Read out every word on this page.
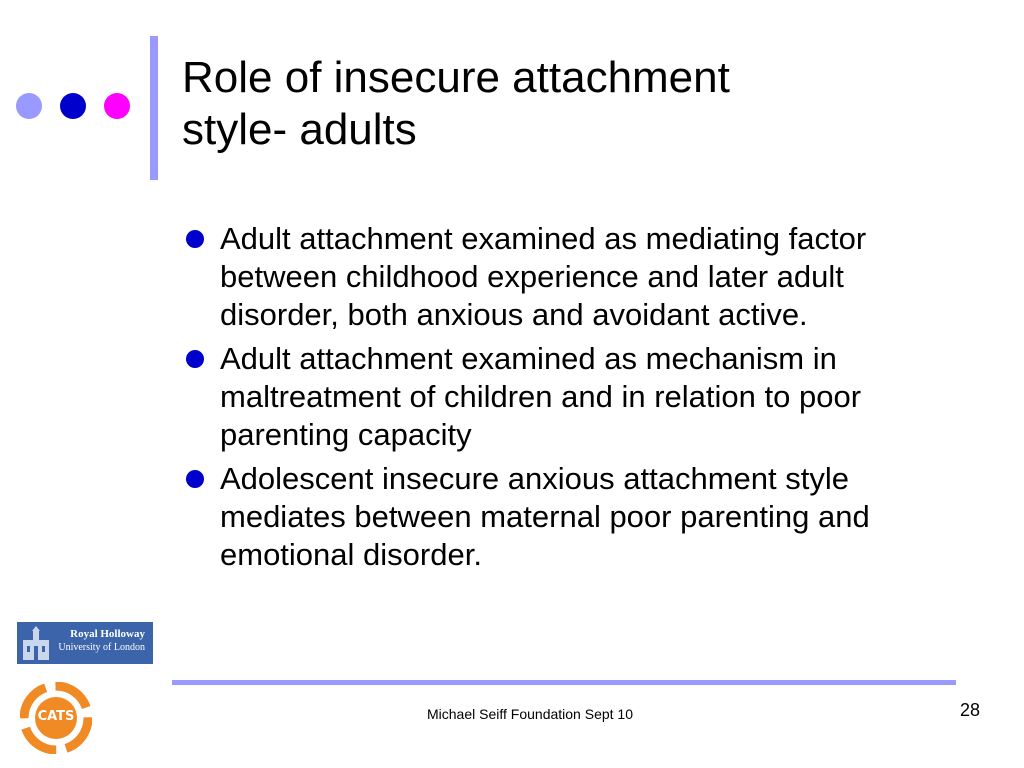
Role of insecure attachment
style- adults
Adult attachment examined as mediating factor between childhood experience and later adult disorder, both anxious and avoidant active.
Adult attachment examined as mechanism in maltreatment of children and in relation to poor parenting capacity
Adolescent insecure anxious attachment style mediates between maternal poor parenting and emotional disorder.
Royal Holloway
University of London
CATS	Michael Seiff Foundation Sept 10	28
